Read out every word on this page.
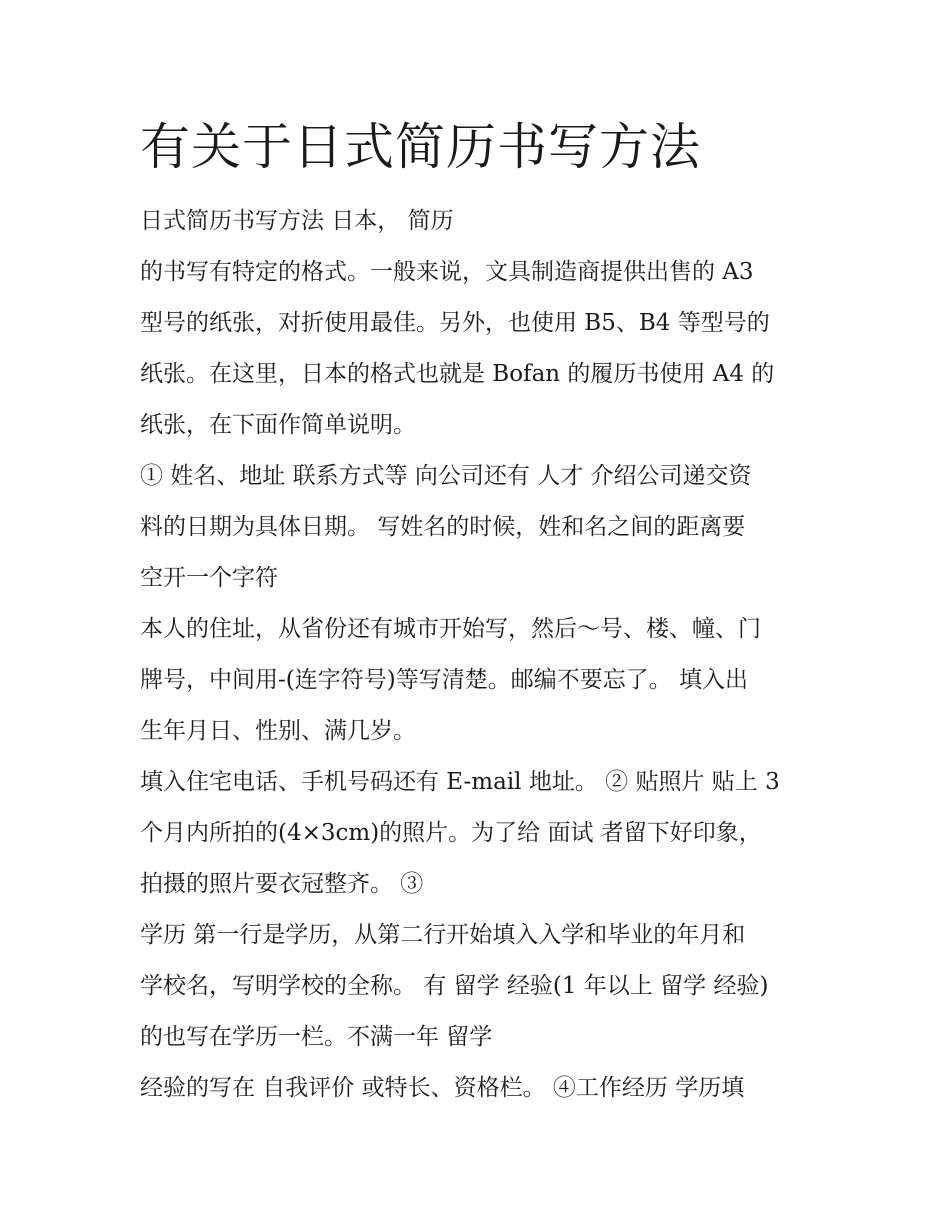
有关于日式简历书写方法

日式简历书写方法 日本， 简历

的书写有特定的格式。一般来说，文具制造商提供出售的 A3

型号的纸张，对折使用最佳。另外，也使用 B5、B4 等型号的

纸张。在这里，日本的格式也就是 Bofan 的履历书使用 A4 的

纸张，在下面作简单说明。

① 姓名、地址 联系方式等 向公司还有 人才 介绍公司递交资

料的日期为具体日期。 写姓名的时候，姓和名之间的距离要

空开一个字符

本人的住址，从省份还有城市开始写，然后～号、楼、幢、门

牌号，中间用-(连字符号)等写清楚。邮编不要忘了。 填入出

生年月日、性别、满几岁。

填入住宅电话、手机号码还有 E-mail 地址。 ② 贴照片 贴上 3

个月内所拍的(4×3cm)的照片。为了给 面试 者留下好印象，

拍摄的照片要衣冠整齐。 ③

学历 第一行是学历，从第二行开始填入入学和毕业的年月和

学校名，写明学校的全称。 有 留学 经验(1 年以上 留学 经验)

的也写在学历一栏。不满一年 留学

经验的写在 自我评价 或特长、资格栏。 ④工作经历 学历填
